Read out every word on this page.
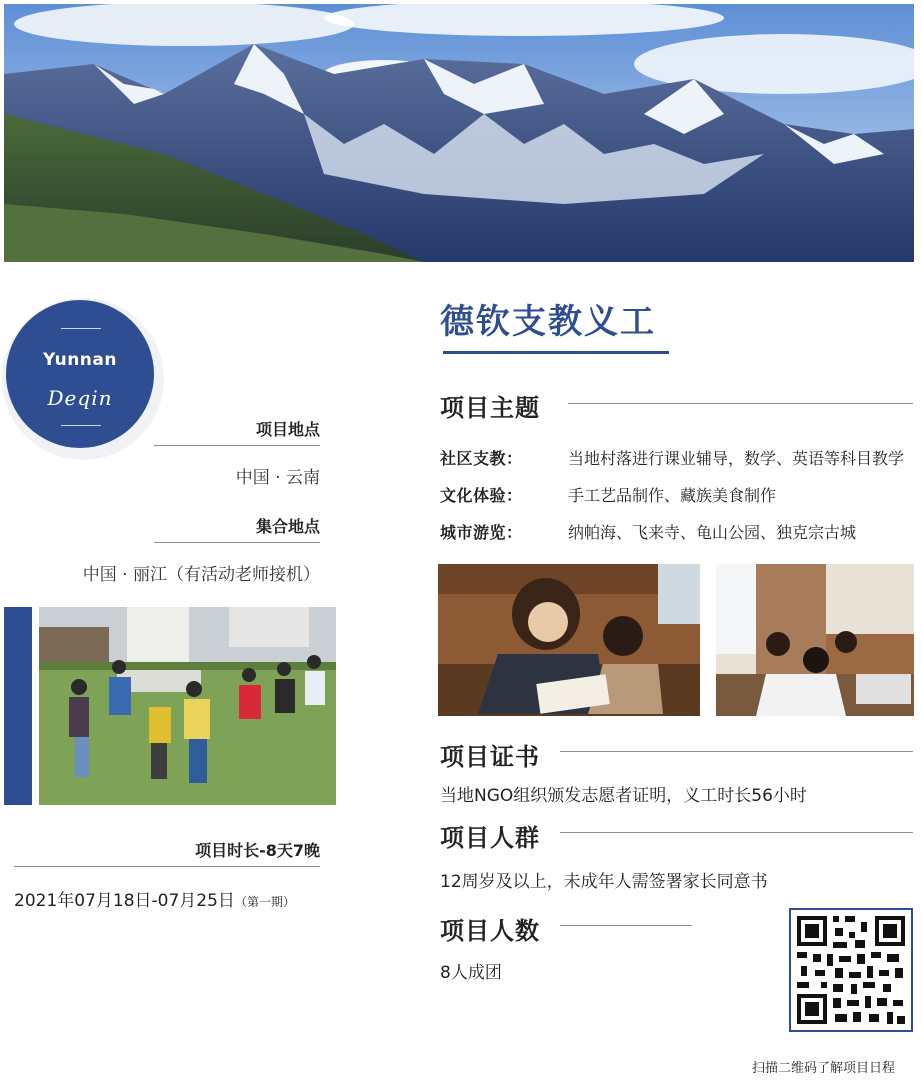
Yunnan
Deqin
项目地点
中国 · 云南
集合地点
中国 · 丽江（有活动老师接机）
项目时长-8天7晚
2021年07月18日-07月25日（第一期）
德钦支教义工
项目主题
社区支教：	当地村落进行课业辅导，数学、英语等科目教学
文化体验：	手工艺品制作、藏族美食制作
城市游览：	纳帕海、飞来寺、龟山公园、独克宗古城
项目证书
当地NGO组织颁发志愿者证明，义工时长56小时
项目人群
12周岁及以上，未成年人需签署家长同意书
项目人数
8人成团
扫描二维码了解项目日程
